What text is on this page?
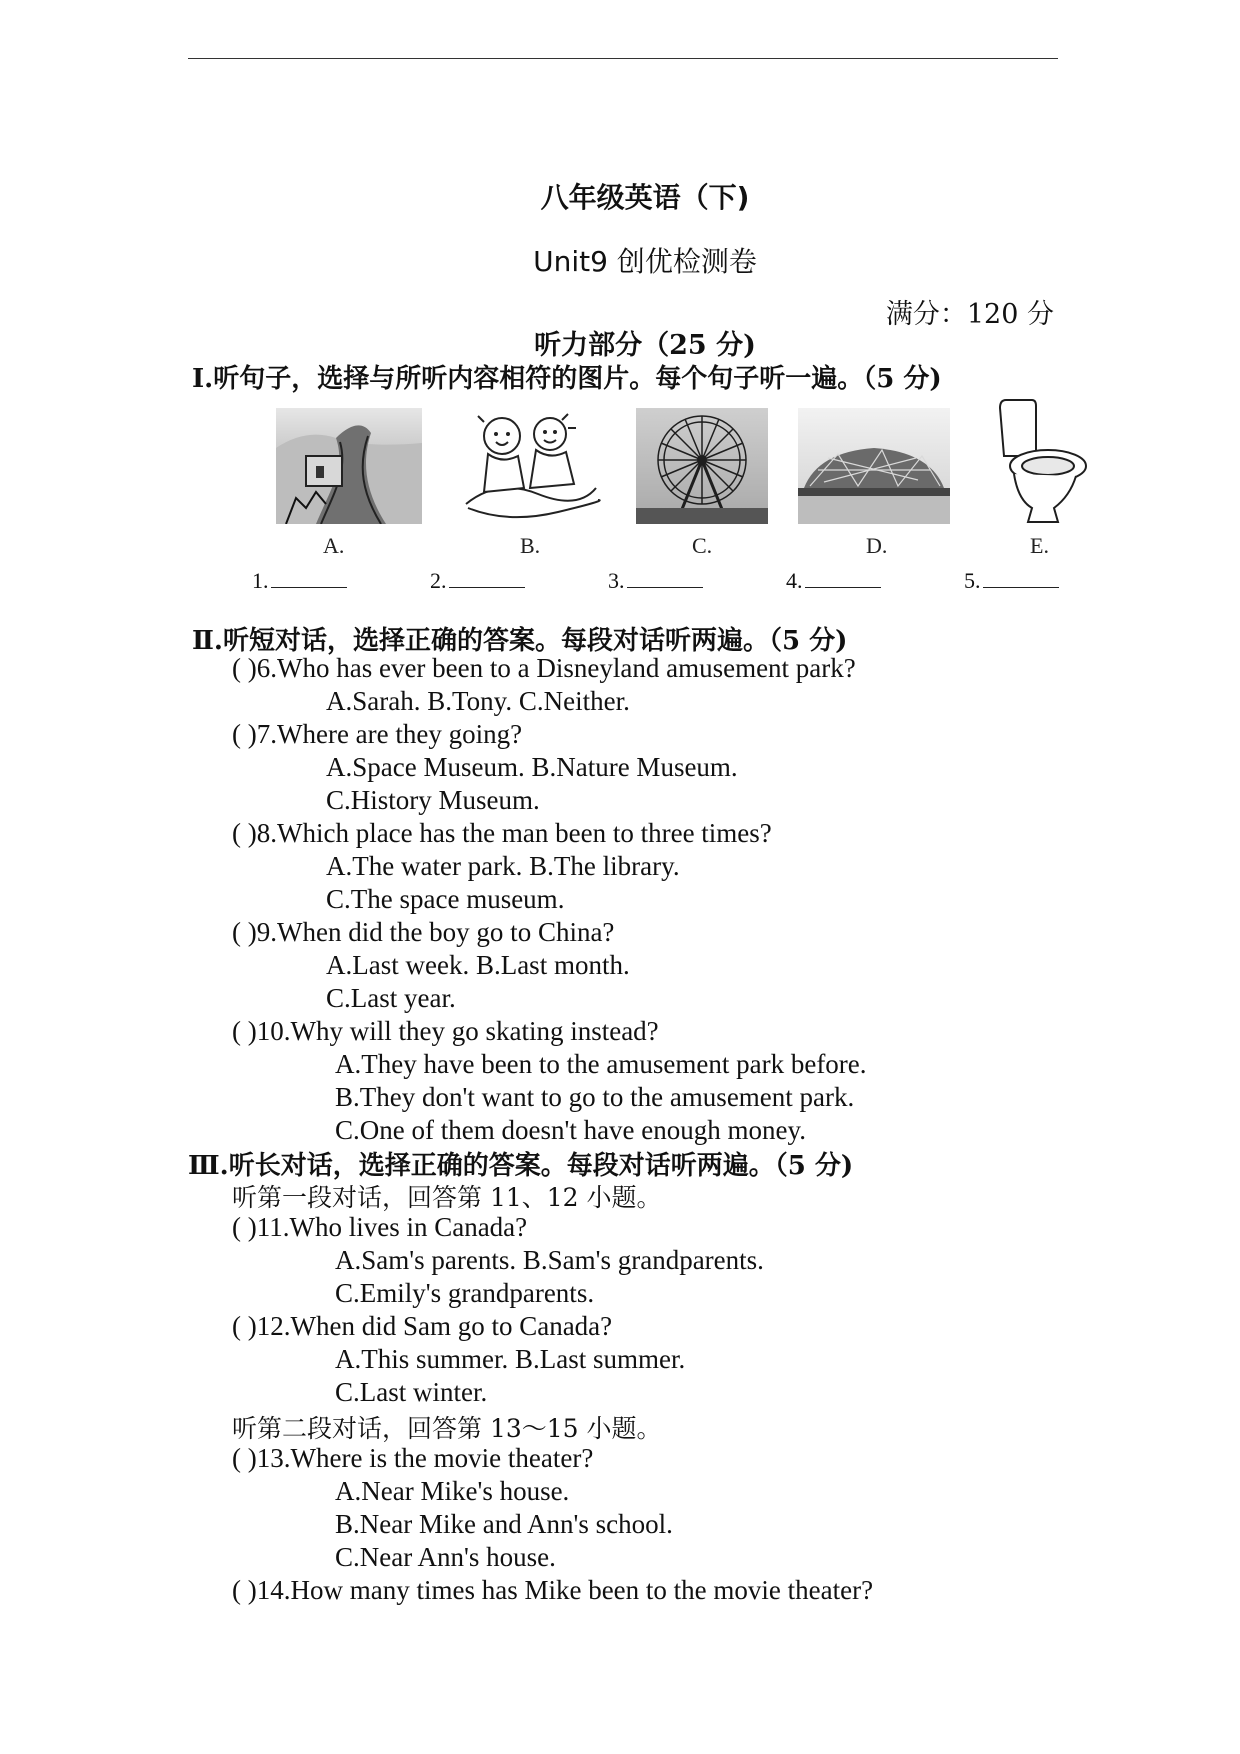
八年级英语（下)
Unit9 创优检测卷
满分：120 分
听力部分（25 分)
Ⅰ.听句子，选择与所听内容相符的图片。每个句子听一遍。（5 分)
A.	B.	C.	D.	E.
1.	2.	3.	4.	5.
Ⅱ.听短对话，选择正确的答案。每段对话听两遍。（5 分)
( )6.Who has ever been to a Disneyland amusement park?
A.Sarah. B.Tony. C.Neither.
( )7.Where are they going?
A.Space Museum. B.Nature Museum.
C.History Museum.
( )8.Which place has the man been to three times?
A.The water park. B.The library.
C.The space museum.
( )9.When did the boy go to China?
A.Last week. B.Last month.
C.Last year.
( )10.Why will they go skating instead?
A.They have been to the amusement park before.
B.They don't want to go to the amusement park.
C.One of them doesn't have enough money.
Ⅲ.听长对话，选择正确的答案。每段对话听两遍。（5 分)
听第一段对话，回答第 11、12 小题。
( )11.Who lives in Canada?
A.Sam's parents. B.Sam's grandparents.
C.Emily's grandparents.
( )12.When did Sam go to Canada?
A.This summer. B.Last summer.
C.Last winter.
听第二段对话，回答第 13～15 小题。
( )13.Where is the movie theater?
A.Near Mike's house.
B.Near Mike and Ann's school.
C.Near Ann's house.
( )14.How many times has Mike been to the movie theater?
